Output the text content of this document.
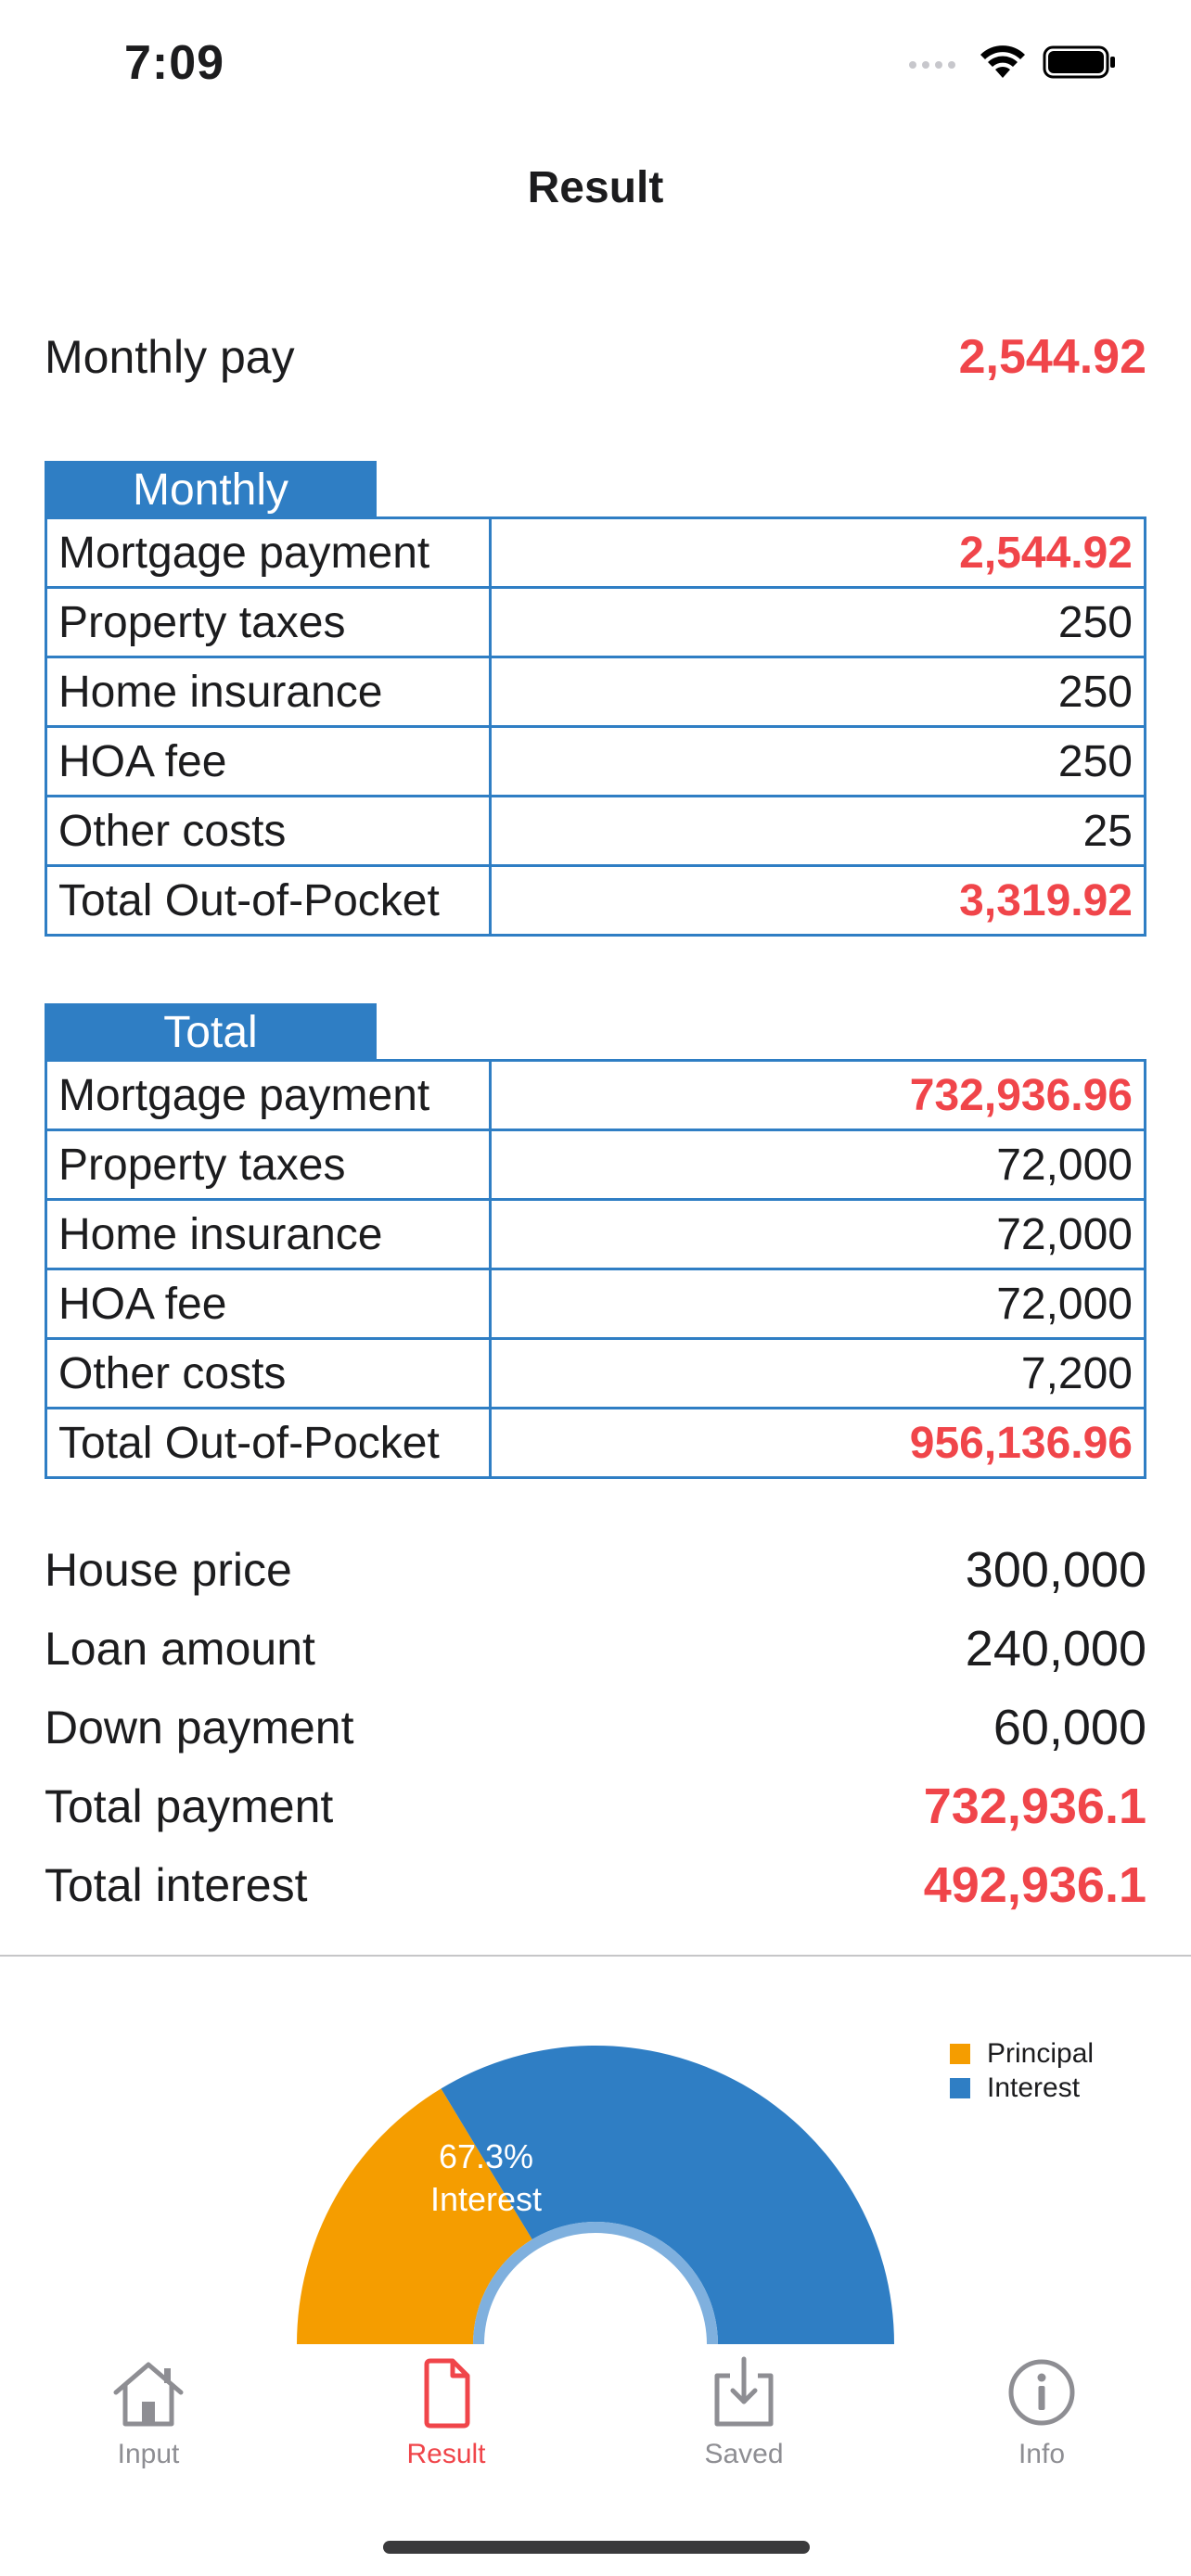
7:09
Result
Monthly pay	2,544.92
Monthly
Mortgage payment	2,544.92
Property taxes	250
Home insurance	250
HOA fee	250
Other costs	25
Total Out-of-Pocket	3,319.92
Total
Mortgage payment	732,936.96
Property taxes	72,000
Home insurance	72,000
HOA fee	72,000
Other costs	7,200
Total Out-of-Pocket	956,136.96
House price	300,000
Loan amount	240,000
Down payment	60,000
Total payment	732,936.1
Total interest	492,936.1
67.3%
Interest
Principal
Interest
Input	Result	Saved	Info
